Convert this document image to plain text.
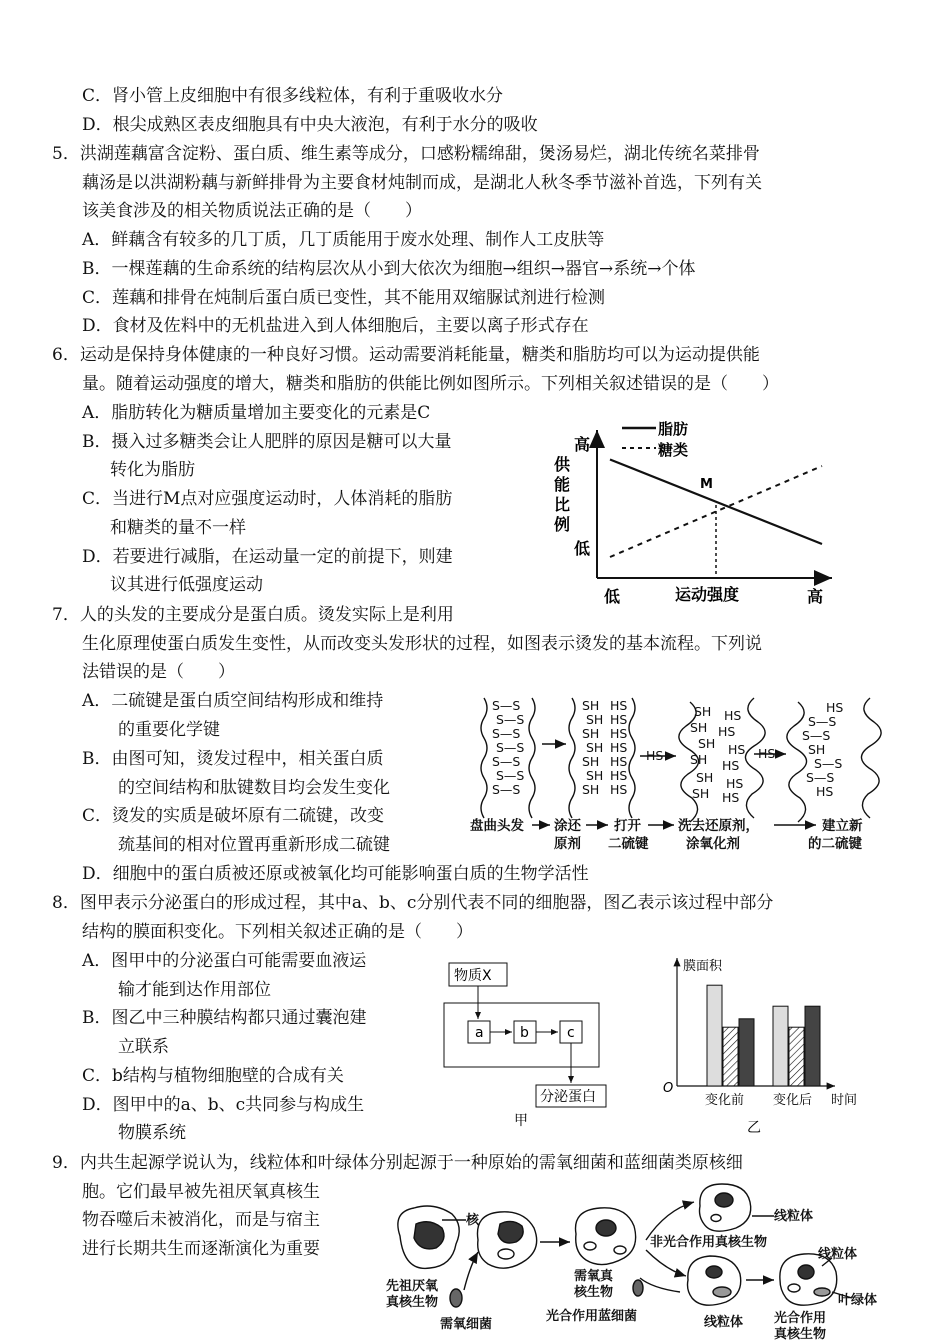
C．肾小管上皮细胞中有很多线粒体，有利于重吸收水分
D．根尖成熟区表皮细胞具有中央大液泡，有利于水分的吸收
5．洪湖莲藕富含淀粉、蛋白质、维生素等成分，口感粉糯绵甜，煲汤易烂，湖北传统名菜排骨
藕汤是以洪湖粉藕与新鲜排骨为主要食材炖制而成，是湖北人秋冬季节滋补首选，下列有关
该美食涉及的相关物质说法正确的是（　　）
A．鲜藕含有较多的几丁质，几丁质能用于废水处理、制作人工皮肤等
B．一棵莲藕的生命系统的结构层次从小到大依次为细胞→组织→器官→系统→个体
C．莲藕和排骨在炖制后蛋白质已变性，其不能用双缩脲试剂进行检测
D．食材及佐料中的无机盐进入到人体细胞后，主要以离子形式存在
6．运动是保持身体健康的一种良好习惯。运动需要消耗能量，糖类和脂肪均可以为运动提供能
量。随着运动强度的增大，糖类和脂肪的供能比例如图所示。下列相关叙述错误的是（　　）
A．脂肪转化为糖质量增加主要变化的元素是C
B．摄入过多糖类会让人肥胖的原因是糖可以大量
转化为脂肪
C．当进行M点对应强度运动时，人体消耗的脂肪
和糖类的量不一样
D．若要进行减脂，在运动量一定的前提下，则建
议其进行低强度运动
高
低
供能比例
低	高
运动强度
脂肪
糖类
M
7．人的头发的主要成分是蛋白质。烫发实际上是利用
生化原理使蛋白质发生变性，从而改变头发形状的过程，如图表示烫发的基本流程。下列说
法错误的是（　　）
A．二硫键是蛋白质空间结构形成和维持
的重要化学键
B．由图可知，烫发过程中，相关蛋白质
的空间结构和肽键数目均会发生变化
C．烫发的实质是破坏原有二硫键，改变
巯基间的相对位置再重新形成二硫键
D．细胞中的蛋白质被还原或被氧化均可能影响蛋白质的生物学活性
S—S
S—S
S—S
S—S
S—S
S—S
S—S
SH HS
SH HS
SH HS
SH HS
SH HS
SH HS
SH HS
HS	HS
SH HS
SH HS
SH HS
SH HS
SH HS
SH HS
HS
S—S
S—S
SH
S—S
S—S
HS
盘曲头发 涂还
原剂
打开
二硫键
洗去还原剂，
涂氧化剂
建立新
的二硫键
8．图甲表示分泌蛋白的形成过程，其中a、b、c分别代表不同的细胞器，图乙表示该过程中部分
结构的膜面积变化。下列相关叙述正确的是（　　）
A．图甲中的分泌蛋白可能需要血液运
输才能到达作用部位
B．图乙中三种膜结构都只通过囊泡建
立联系
C．b结构与植物细胞壁的合成有关
D．图甲中的a、b、c共同参与构成生
物膜系统
物质X
a	b	c
分泌蛋白
甲
膜面积
O
变化前 变化后 时间
乙
9．内共生起源学说认为，线粒体和叶绿体分别起源于一种原始的需氧细菌和蓝细菌类原核细
胞。它们最早被先祖厌氧真核生
物吞噬后未被消化，而是与宿主
进行长期共生而逐渐演化为重要
核
先祖厌氧
真核生物
需氧细菌
需氧真
核生物
光合作用蓝细菌
非光合作用真核生物
线粒体
线粒体
线粒体
叶绿体
光合作用
真核生物
